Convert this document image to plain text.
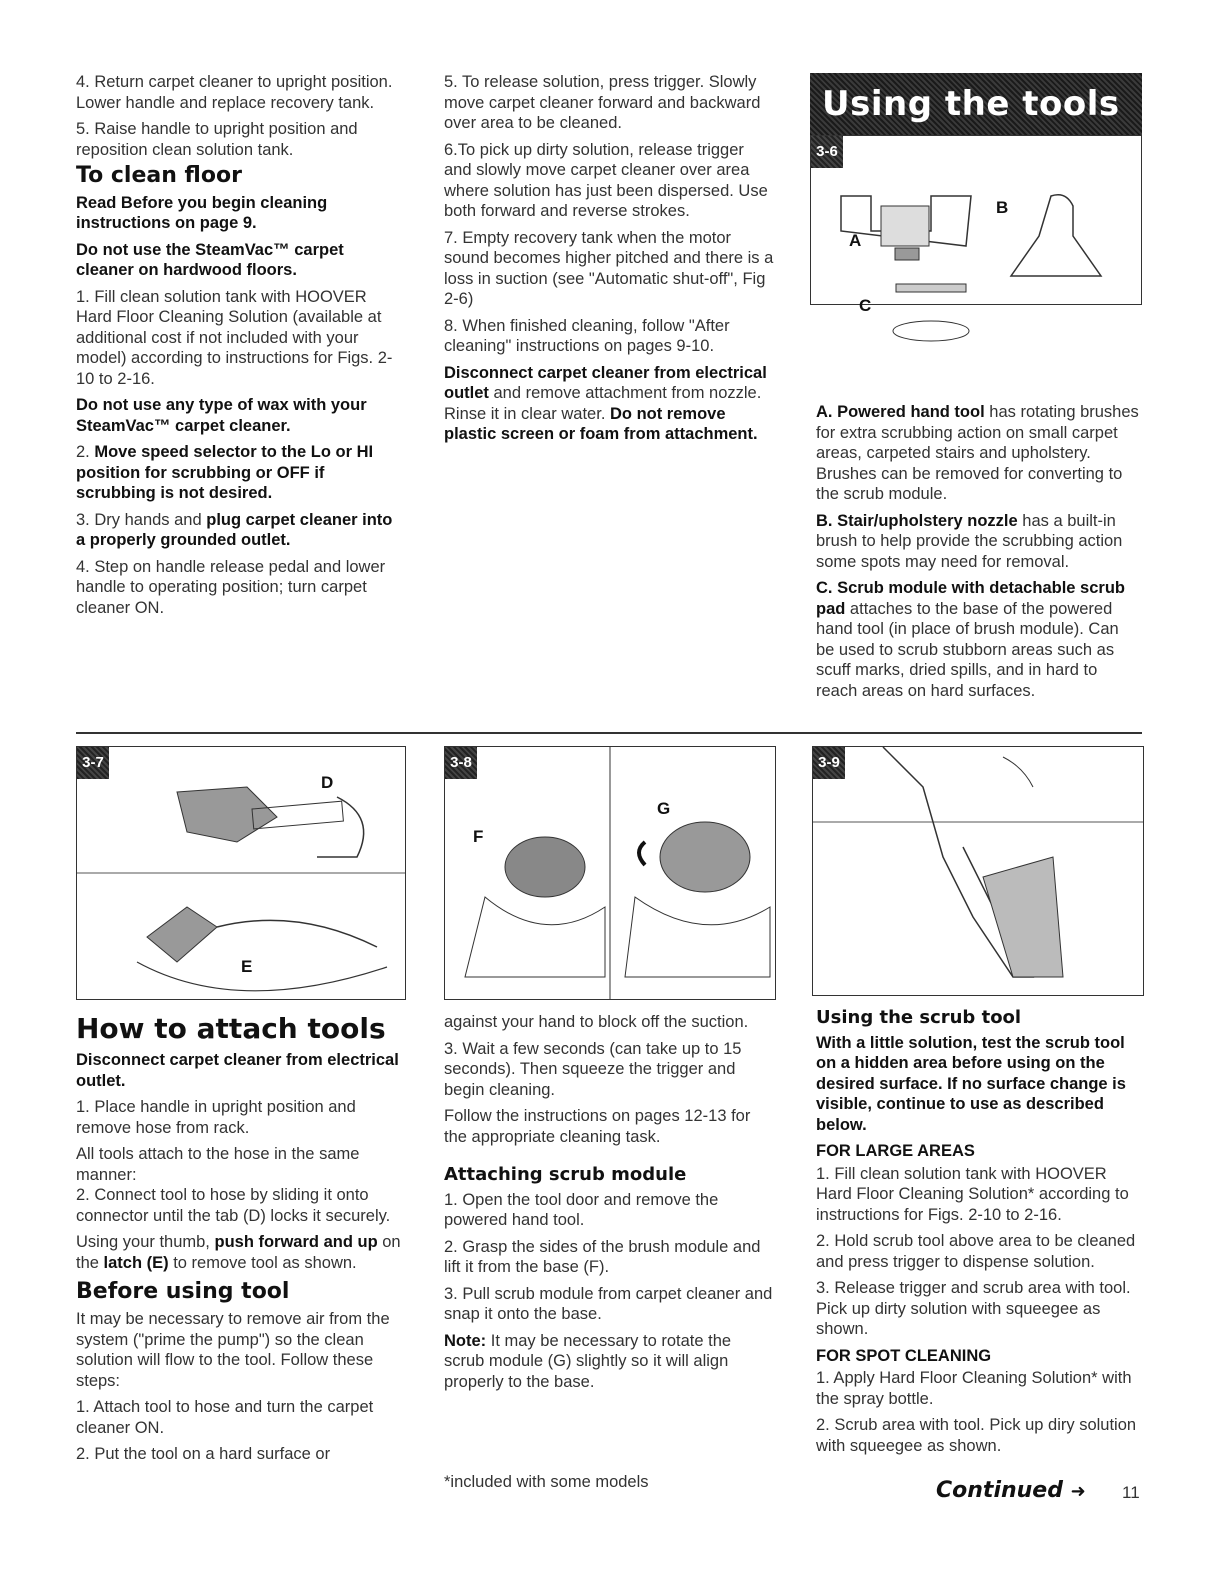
4. Return carpet cleaner to upright position. Lower handle and replace recovery tank.

5. Raise handle to upright position and reposition clean solution tank.

To clean floor

Read Before you begin cleaning instructions on page 9.

Do not use the SteamVac™ carpet cleaner on hardwood floors.

1. Fill clean solution tank with HOOVER Hard Floor Cleaning Solution (available at additional cost if not included with your model) according to instructions for Figs. 2-10 to 2-16.

Do not use any type of wax with your SteamVac™ carpet cleaner.

2. Move speed selector to the Lo or HI position for scrubbing or OFF if scrubbing is not desired.

3. Dry hands and plug carpet cleaner into a properly grounded outlet.

4. Step on handle release pedal and lower handle to operating position; turn carpet cleaner ON.

5. To release solution, press trigger. Slowly move carpet cleaner forward and backward over area to be cleaned.

6.To pick up dirty solution, release trigger and slowly move carpet cleaner over area where solution has just been dispersed. Use both forward and reverse strokes.

7. Empty recovery tank when the motor sound becomes higher pitched and there is a loss in suction (see "Automatic shut-off", Fig 2-6)

8. When finished cleaning, follow "After cleaning" instructions on pages 9-10.

Disconnect carpet cleaner from electrical outlet and remove attachment from nozzle. Rinse it in clear water. Do not remove plastic screen or foam from attachment.

Using the tools
3-6
A
B
C

A. Powered hand tool has rotating brushes for extra scrubbing action on small carpet areas, carpeted stairs and upholstery. Brushes can be removed for converting to the scrub module.

B. Stair/upholstery nozzle has a built-in brush to help provide the scrubbing action some spots may need for removal.

C. Scrub module with detachable scrub pad attaches to the base of the powered hand tool (in place of brush module). Can be used to scrub stubborn areas such as scuff marks, dried spills, and in hard to reach areas on hard surfaces.

3-7
D
E
3-8
F
G
3-9
How to attach tools

Disconnect carpet cleaner from electrical outlet.

1. Place handle in upright position and remove hose from rack.

All tools attach to the hose in the same manner:

2. Connect tool to hose by sliding it onto connector until the tab (D) locks it securely.

Using your thumb, push forward and up on the latch (E) to remove tool as shown.

Before using tool

It may be necessary to remove air from the system ("prime the pump") so the clean solution will flow to the tool. Follow these steps:

1. Attach tool to hose and turn the carpet cleaner ON.

2. Put the tool on a hard surface or

against your hand to block off the suction.

3. Wait a few seconds (can take up to 15 seconds). Then squeeze the trigger and begin cleaning.

Follow the instructions on pages 12-13 for the appropriate cleaning task.

Attaching scrub module

1. Open the tool door and remove the powered hand tool.

2. Grasp the sides of the brush module and lift it from the base (F).

3. Pull scrub module from carpet cleaner and snap it onto the base.

Note: It may be necessary to rotate the scrub module (G) slightly so it will align properly to the base.

*included with some models
Using the scrub tool

With a little solution, test the scrub tool on a hidden area before using on the desired surface. If no surface change is visible, continue to use as described below.

FOR LARGE AREAS

1. Fill clean solution tank with HOOVER Hard Floor Cleaning Solution* according to instructions for Figs. 2-10 to 2-16.

2. Hold scrub tool above area to be cleaned and press trigger to dispense solution.

3. Release trigger and scrub area with tool. Pick up dirty solution with squeegee as shown.

FOR SPOT CLEANING

1. Apply Hard Floor Cleaning Solution* with the spray bottle.

2. Scrub area with tool. Pick up diry solution with squeegee as shown.

Continued ➜ 11
